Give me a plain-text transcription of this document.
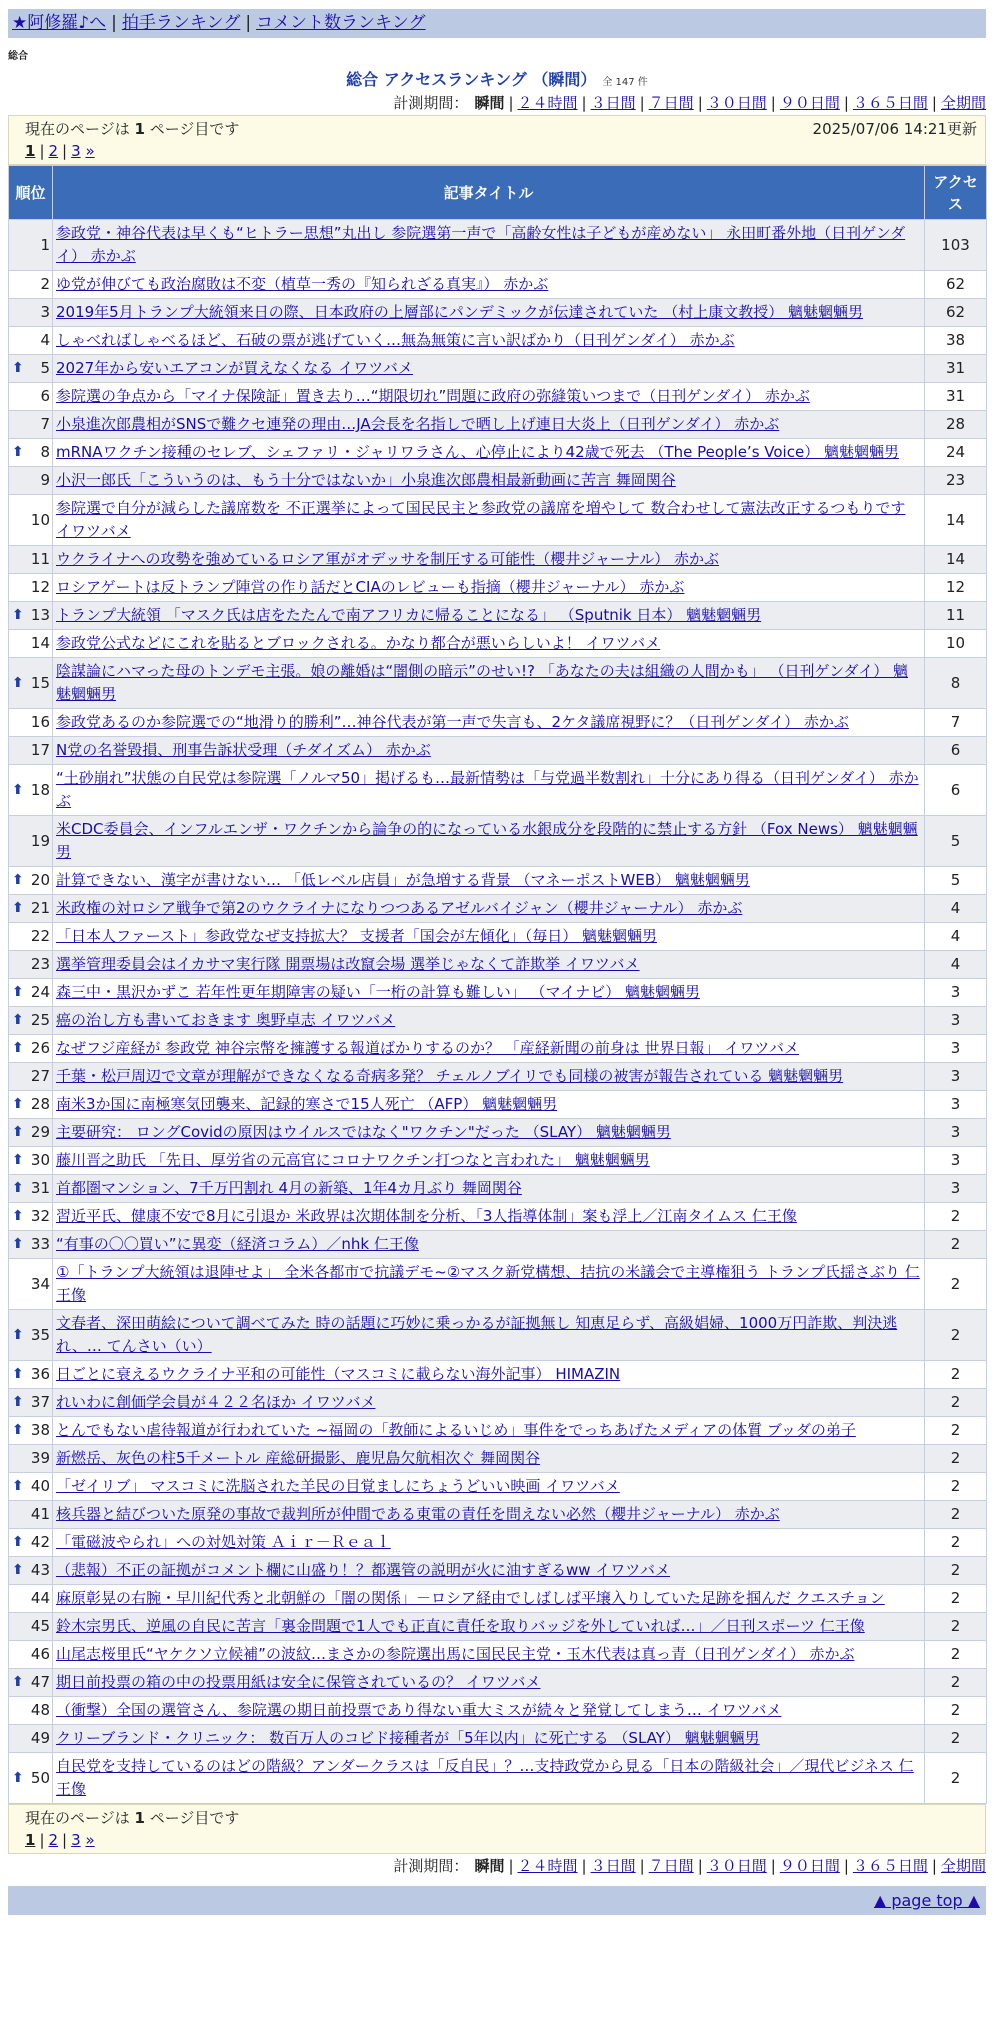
★阿修羅♪へ | 拍手ランキング | コメント数ランキング
総合
総合 アクセスランキング （瞬間） 全 147 件
計測期間： 瞬間 | ２４時間 | ３日間 | ７日間 | ３０日間 | ９０日間 | ３６５日間 | 全期間
現在のページは 1 ページ目です	2025/07/06 14:21更新
1 | 2 | 3 »
順位	記事タイトル	アクセス
1	参政党・神谷代表は早くも“ヒトラー思想”丸出し 参院選第一声で「高齢女性は子どもが産めない」 永田町番外地（日刊ゲンダイ） 赤かぶ	103
2	ゆ党が伸びても政治腐敗は不変（植草一秀の『知られざる真実』） 赤かぶ	62
3	2019年5月トランプ大統領来日の際、日本政府の上層部にパンデミックが伝達されていた （村上康文教授） 魑魅魍魎男	62
4	しゃべればしゃべるほど、石破の票が逃げていく…無為無策に言い訳ばかり（日刊ゲンダイ） 赤かぶ	38

⬆ 5	2027年から安いエアコンが買えなくなる イワツバメ	31
6	参院選の争点から「マイナ保険証」置き去り…“期限切れ”問題に政府の弥縫策いつまで（日刊ゲンダイ） 赤かぶ	31
7	小泉進次郎農相がSNSで難クセ連発の理由…JA会長を名指しで晒し上げ連日大炎上（日刊ゲンダイ） 赤かぶ	28

⬆ 8	mRNAワクチン接種のセレブ、シェファリ・ジャリワラさん、心停止により42歳で死去 （The People’s Voice） 魑魅魍魎男	24
9	小沢一郎氏「こういうのは、もう十分ではないか」小泉進次郎農相最新動画に苦言 舞岡関谷	23
10	参院選で自分が減らした議席数を 不正選挙によって国民民主と参政党の議席を増やして 数合わせして憲法改正するつもりです イワツバメ	14
11	ウクライナへの攻勢を強めているロシア軍がオデッサを制圧する可能性（櫻井ジャーナル） 赤かぶ	14
12	ロシアゲートは反トランプ陣営の作り話だとCIAのレビューも指摘（櫻井ジャーナル） 赤かぶ	12

⬆ 13	トランプ大統領 「マスク氏は店をたたんで南アフリカに帰ることになる」 （Sputnik 日本） 魑魅魍魎男	11
14	参政党公式などにこれを貼るとブロックされる。かなり都合が悪いらしいよ！ イワツバメ	10

⬆ 15	陰謀論にハマった母のトンデモ主張。娘の離婚は“闇側の暗示”のせい!? 「あなたの夫は組織の人間かも」 （日刊ゲンダイ） 魑魅魍魎男	8
16	参政党あるのか参院選での“地滑り的勝利”…神谷代表が第一声で失言も、2ケタ議席視野に？（日刊ゲンダイ） 赤かぶ	7
17	N党の名誉毀損、刑事告訴状受理（チダイズム） 赤かぶ	6

⬆ 18	“土砂崩れ”状態の自民党は参院選「ノルマ50」掲げるも…最新情勢は「与党過半数割れ」十分にあり得る（日刊ゲンダイ） 赤かぶ	6
19	米CDC委員会、インフルエンザ・ワクチンから論争の的になっている水銀成分を段階的に禁止する方針 （Fox News） 魑魅魍魎男	5

⬆ 20	計算できない、漢字が書けない… 「低レベル店員」が急増する背景 （マネーポストWEB） 魑魅魍魎男	5

⬆ 21	米政権の対ロシア戦争で第2のウクライナになりつつあるアゼルバイジャン（櫻井ジャーナル） 赤かぶ	4
22	「日本人ファースト」参政党なぜ支持拡大？ 支援者「国会が左傾化」（毎日） 魑魅魍魎男	4
23	選挙管理委員会はイカサマ実行隊 開票場は改竄会場 選挙じゃなくて詐欺挙 イワツバメ	4

⬆ 24	森三中・黒沢かずこ 若年性更年期障害の疑い「一桁の計算も難しい」 （マイナビ） 魑魅魍魎男	3

⬆ 25	癌の治し方も書いておきます 奥野卓志 イワツバメ	3

⬆ 26	なぜフジ産経が 参政党 神谷宗幣を擁護する報道ばかりするのか？ 「産経新聞の前身は 世界日報」 イワツバメ	3
27	千葉・松戸周辺で文章が理解ができなくなる奇病多発？ チェルノブイリでも同様の被害が報告されている 魑魅魍魎男	3

⬆ 28	南米3か国に南極寒気団襲来、記録的寒さで15人死亡 （AFP） 魑魅魍魎男	3

⬆ 29	主要研究： ロングCovidの原因はウイルスではなく"ワクチン"だった （SLAY） 魑魅魍魎男	3

⬆ 30	藤川晋之助氏 「先日、厚労省の元高官にコロナワクチン打つなと言われた」 魑魅魍魎男	3

⬆ 31	首都圏マンション、7千万円割れ 4月の新築、1年4カ月ぶり 舞岡関谷	3

⬆ 32	習近平氏、健康不安で8月に引退か 米政界は次期体制を分析、「3人指導体制」案も浮上／江南タイムス 仁王像	2

⬆ 33	“有事の〇〇買い”に異変（経済コラム）／nhk 仁王像	2
34	①「トランプ大統領は退陣せよ」 全米各都市で抗議デモ~②マスク新党構想、拮抗の米議会で主導権狙う トランプ氏揺さぶり 仁王像	2

⬆ 35	文春者、深田萌絵について調べてみた 時の話題に巧妙に乗っかるが証拠無し 知恵足らず、高級娼婦、1000万円詐欺、判決逃れ、… てんさい（い）	2

⬆ 36	日ごとに衰えるウクライナ平和の可能性（マスコミに載らない海外記事） HIMAZIN	2

⬆ 37	れいわに創価学会員が４２２名ほか イワツバメ	2

⬆ 38	とんでもない虐待報道が行われていた ~福岡の「教師によるいじめ」事件をでっちあげたメディアの体質 ブッダの弟子	2
39	新燃岳、灰色の柱5千メートル 産総研撮影、鹿児島欠航相次ぐ 舞岡関谷	2

⬆ 40	「ゼイリブ」 マスコミに洗脳された羊民の目覚ましにちょうどいい映画 イワツバメ	2
41	核兵器と結びついた原発の事故で裁判所が仲間である東電の責任を問えない必然（櫻井ジャーナル） 赤かぶ	2

⬆ 42	「電磁波やられ」への対処対策 Ａｉｒ－Ｒｅａｌ	2

⬆ 43	（悲報）不正の証拠がコメント欄に山盛り！？都選管の説明が火に油すぎるww イワツバメ	2
44	麻原彰晃の右腕・早川紀代秀と北朝鮮の「闇の関係」－ロシア経由でしばしば平壌入りしていた足跡を掴んだ クエスチョン	2
45	鈴木宗男氏、逆風の自民に苦言「裏金問題で1人でも正直に責任を取りバッジを外していれば…」／日刊スポーツ 仁王像	2
46	山尾志桜里氏“ヤケクソ立候補”の波紋…まさかの参院選出馬に国民民主党・玉木代表は真っ青（日刊ゲンダイ） 赤かぶ	2

⬆ 47	期日前投票の箱の中の投票用紙は安全に保管されているの？ イワツバメ	2
48	（衝撃）全国の選管さん、参院選の期日前投票であり得ない重大ミスが続々と発覚してしまう… イワツバメ	2
49	クリーブランド・クリニック： 数百万人のコビド接種者が「5年以内」に死亡する （SLAY） 魑魅魍魎男	2

⬆ 50	自民党を支持しているのはどの階級？アンダークラスは「反自民」？…支持政党から見る「日本の階級社会」／現代ビジネス 仁王像	2
現在のページは 1 ページ目です
1 | 2 | 3 »
計測期間： 瞬間 | ２４時間 | ３日間 | ７日間 | ３０日間 | ９０日間 | ３６５日間 | 全期間
▲ page top ▲
